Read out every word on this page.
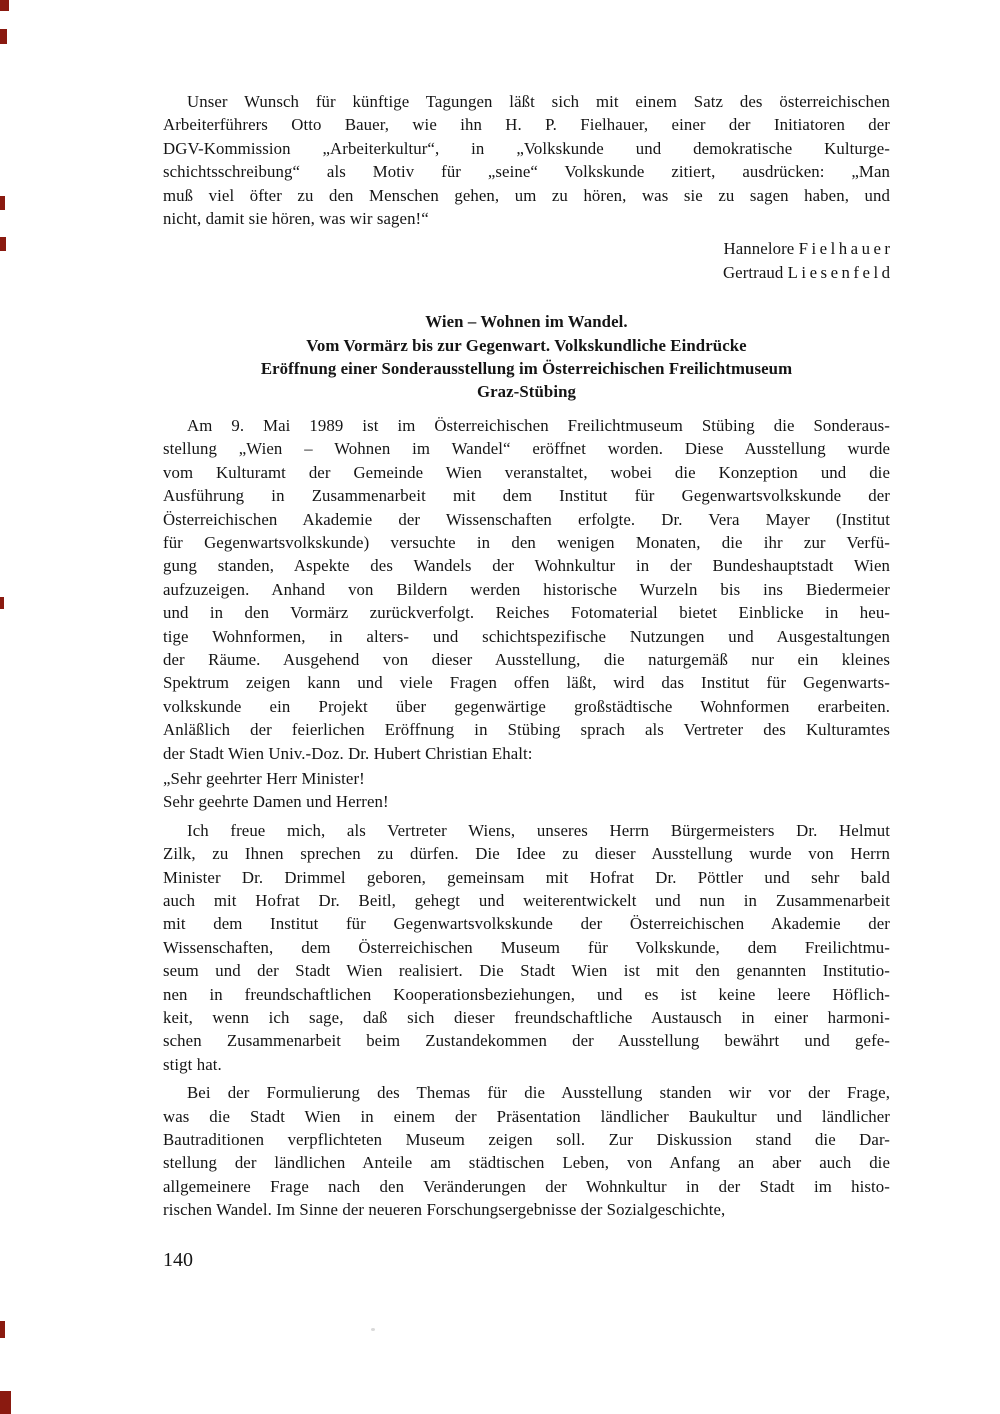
Unser Wunsch für künftige Tagungen läßt sich mit einem Satz des österreichischen
Arbeiterführers Otto Bauer, wie ihn H. P. Fielhauer, einer der Initiatoren der
DGV-Kommission „Arbeiterkultur“, in „Volkskunde und demokratische Kulturge-
schichtsschreibung“ als Motiv für „seine“ Volkskunde zitiert, ausdrücken: „Man
muß viel öfter zu den Menschen gehen, um zu hören, was sie zu sagen haben, und
nicht, damit sie hören, was wir sagen!“
Hannelore Fielhauer
Gertraud Liesenfeld
Wien – Wohnen im Wandel.
Vom Vormärz bis zur Gegenwart. Volkskundliche Eindrücke
Eröffnung einer Sonderausstellung im Österreichischen Freilichtmuseum
Graz-Stübing
Am 9. Mai 1989 ist im Österreichischen Freilichtmuseum Stübing die Sonderaus-
stellung „Wien – Wohnen im Wandel“ eröffnet worden. Diese Ausstellung wurde
vom Kulturamt der Gemeinde Wien veranstaltet, wobei die Konzeption und die
Ausführung in Zusammenarbeit mit dem Institut für Gegenwartsvolkskunde der
Österreichischen Akademie der Wissenschaften erfolgte. Dr. Vera Mayer (Institut
für Gegenwartsvolkskunde) versuchte in den wenigen Monaten, die ihr zur Verfü-
gung standen, Aspekte des Wandels der Wohnkultur in der Bundeshauptstadt Wien
aufzuzeigen. Anhand von Bildern werden historische Wurzeln bis ins Biedermeier
und in den Vormärz zurückverfolgt. Reiches Fotomaterial bietet Einblicke in heu-
tige Wohnformen, in alters- und schichtspezifische Nutzungen und Ausgestaltungen
der Räume. Ausgehend von dieser Ausstellung, die naturgemäß nur ein kleines
Spektrum zeigen kann und viele Fragen offen läßt, wird das Institut für Gegenwarts-
volkskunde ein Projekt über gegenwärtige großstädtische Wohnformen erarbeiten.
Anläßlich der feierlichen Eröffnung in Stübing sprach als Vertreter des Kulturamtes
der Stadt Wien Univ.-Doz. Dr. Hubert Christian Ehalt:
„Sehr geehrter Herr Minister!
Sehr geehrte Damen und Herren!
Ich freue mich, als Vertreter Wiens, unseres Herrn Bürgermeisters Dr. Helmut
Zilk, zu Ihnen sprechen zu dürfen. Die Idee zu dieser Ausstellung wurde von Herrn
Minister Dr. Drimmel geboren, gemeinsam mit Hofrat Dr. Pöttler und sehr bald
auch mit Hofrat Dr. Beitl, gehegt und weiterentwickelt und nun in Zusammenarbeit
mit dem Institut für Gegenwartsvolkskunde der Österreichischen Akademie der
Wissenschaften, dem Österreichischen Museum für Volkskunde, dem Freilichtmu-
seum und der Stadt Wien realisiert. Die Stadt Wien ist mit den genannten Institutio-
nen in freundschaftlichen Kooperationsbeziehungen, und es ist keine leere Höflich-
keit, wenn ich sage, daß sich dieser freundschaftliche Austausch in einer harmoni-
schen Zusammenarbeit beim Zustandekommen der Ausstellung bewährt und gefe-
stigt hat.
Bei der Formulierung des Themas für die Ausstellung standen wir vor der Frage,
was die Stadt Wien in einem der Präsentation ländlicher Baukultur und ländlicher
Bautraditionen verpflichteten Museum zeigen soll. Zur Diskussion stand die Dar-
stellung der ländlichen Anteile am städtischen Leben, von Anfang an aber auch die
allgemeinere Frage nach den Veränderungen der Wohnkultur in der Stadt im histo-
rischen Wandel. Im Sinne der neueren Forschungsergebnisse der Sozialgeschichte,
140
